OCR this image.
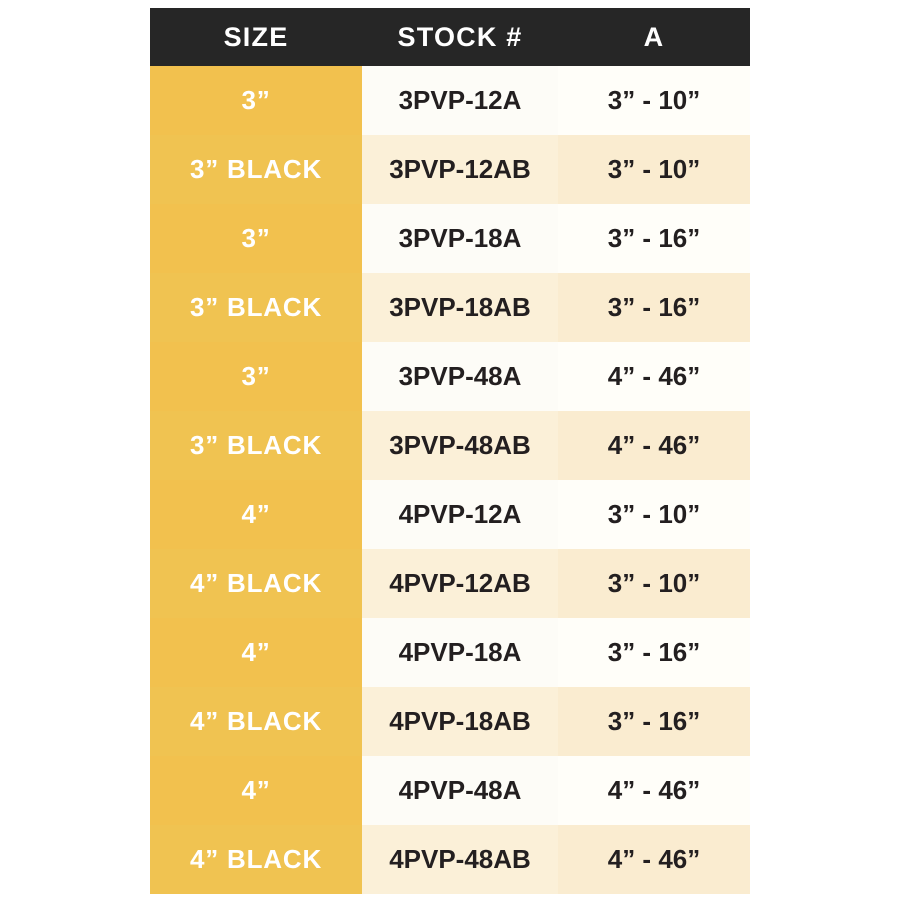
SIZE	STOCK #	A
3”	3PVP-12A	3” - 10”
3” BLACK	3PVP-12AB	3” - 10”
3”	3PVP-18A	3” - 16”
3” BLACK	3PVP-18AB	3” - 16”
3”	3PVP-48A	4” - 46”
3” BLACK	3PVP-48AB	4” - 46”
4”	4PVP-12A	3” - 10”
4” BLACK	4PVP-12AB	3” - 10”
4”	4PVP-18A	3” - 16”
4” BLACK	4PVP-18AB	3” - 16”
4”	4PVP-48A	4” - 46”
4” BLACK	4PVP-48AB	4” - 46”
